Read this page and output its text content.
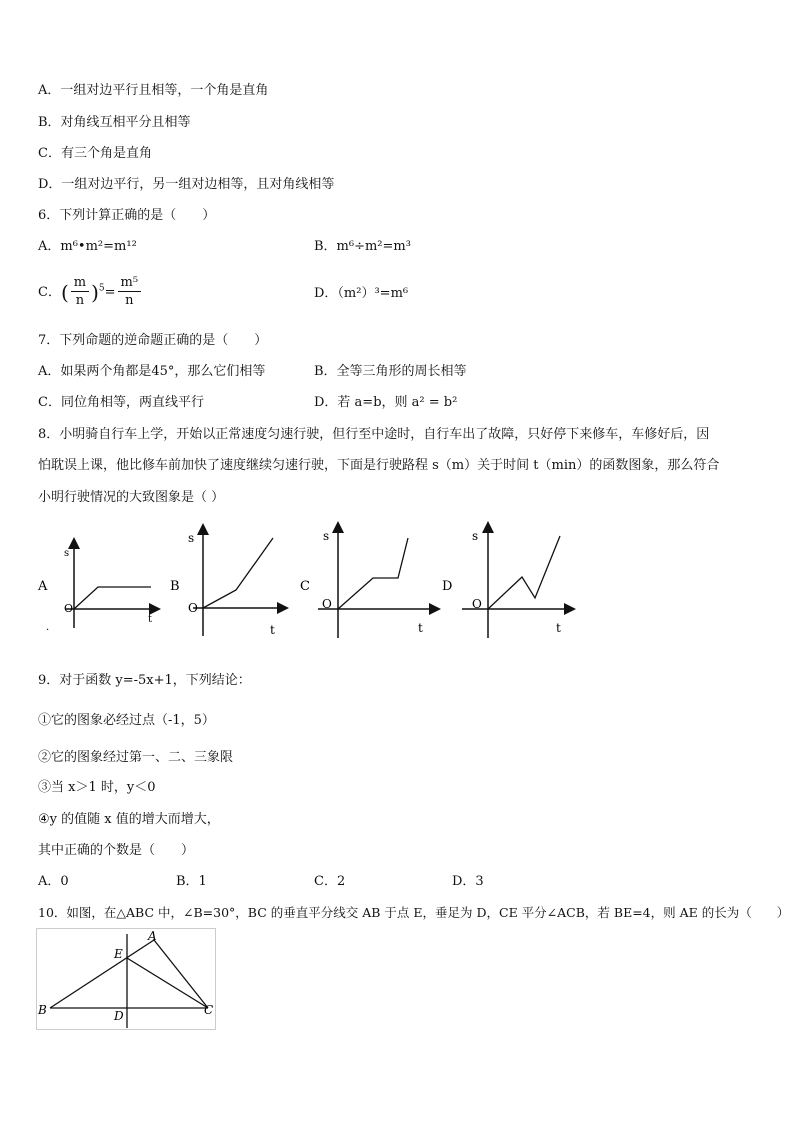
A．一组对边平行且相等，一个角是直角
B．对角线互相平分且相等
C．有三个角是直角
D．一组对边平行，另一组对边相等，且对角线相等
6．下列计算正确的是（　　）
A．m⁶•m²=m¹²	B．m⁶÷m²=m³
C．( $\frac{m}{n} )^5= \frac{\text{m⁵}}{n}$	D．（m²）³=m⁶
7．下列命题的逆命题正确的是（　　）
A．如果两个角都是45°，那么它们相等	B．全等三角形的周长相等
C．同位角相等，两直线平行	D．若 a=b，则 a² = b²
8．小明骑自行车上学，开始以正常速度匀速行驶，但行至中途时，自行车出了故障，只好停下来修车，车修好后，因
怕耽误上课，他比修车前加快了速度继续匀速行驶，下面是行驶路程 s（m）关于时间 t（min）的函数图象，那么符合
小明行驶情况的大致图象是（ ）
A
s
O
t
.
B
s
O
t
C
s
O
t
D
s
O
t
9．对于函数 y=-5x+1，下列结论：
①它的图象必经过点（-1，5）
②它的图象经过第一、二、三象限
③当 x＞1 时，y＜0
④y 的值随 x 值的增大而增大，
其中正确的个数是（　　）
A．0	B．1	C．2	D．3
10．如图，在△ABC 中，∠B=30°，BC 的垂直平分线交 AB 于点 E，垂足为 D，CE 平分∠ACB，若 BE=4，则 AE 的长为（　　）
A
B	C
D
E
